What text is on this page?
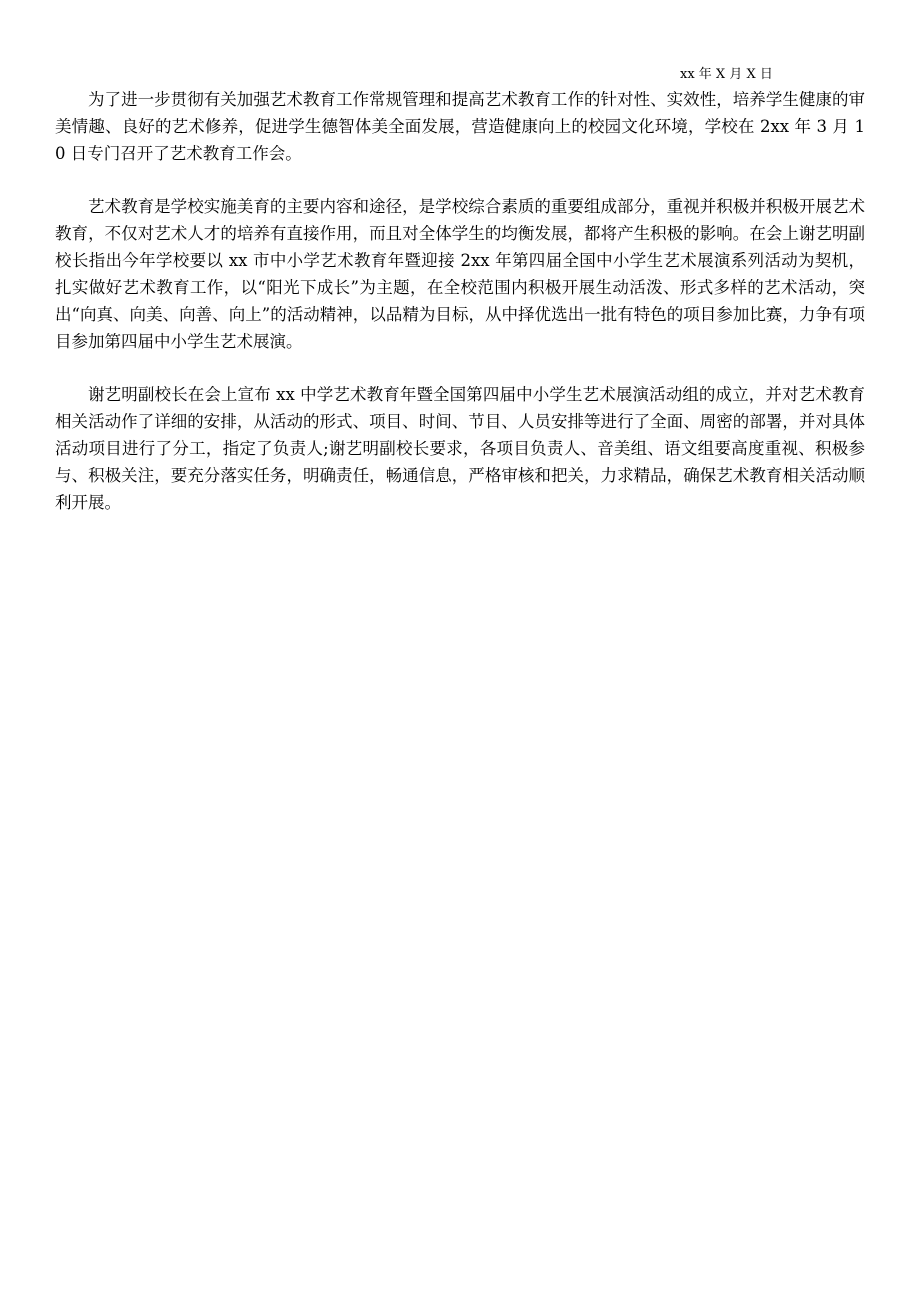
xx 年 X 月 X 日

为了进一步贯彻有关加强艺术教育工作常规管理和提高艺术教育工作的针对性、实效性，培养学生健康的审美情趣、良好的艺术修养，促进学生德智体美全面发展，营造健康向上的校园文化环境，学校在 2xx 年 3 月 10 日专门召开了艺术教育工作会。

艺术教育是学校实施美育的主要内容和途径，是学校综合素质的重要组成部分，重视并积极并积极开展艺术教育，不仅对艺术人才的培养有直接作用，而且对全体学生的均衡发展，都将产生积极的影响。在会上谢艺明副校长指出今年学校要以 xx 市中小学艺术教育年暨迎接 2xx 年第四届全国中小学生艺术展演系列活动为契机，扎实做好艺术教育工作，以“阳光下成长”为主题，在全校范围内积极开展生动活泼、形式多样的艺术活动，突出“向真、向美、向善、向上”的活动精神，以品精为目标，从中择优选出一批有特色的项目参加比赛，力争有项目参加第四届中小学生艺术展演。

谢艺明副校长在会上宣布 xx 中学艺术教育年暨全国第四届中小学生艺术展演活动组的成立，并对艺术教育相关活动作了详细的安排，从活动的形式、项目、时间、节目、人员安排等进行了全面、周密的部署，并对具体活动项目进行了分工，指定了负责人;谢艺明副校长要求，各项目负责人、音美组、语文组要高度重视、积极参与、积极关注，要充分落实任务，明确责任，畅通信息，严格审核和把关，力求精品，确保艺术教育相关活动顺利开展。
